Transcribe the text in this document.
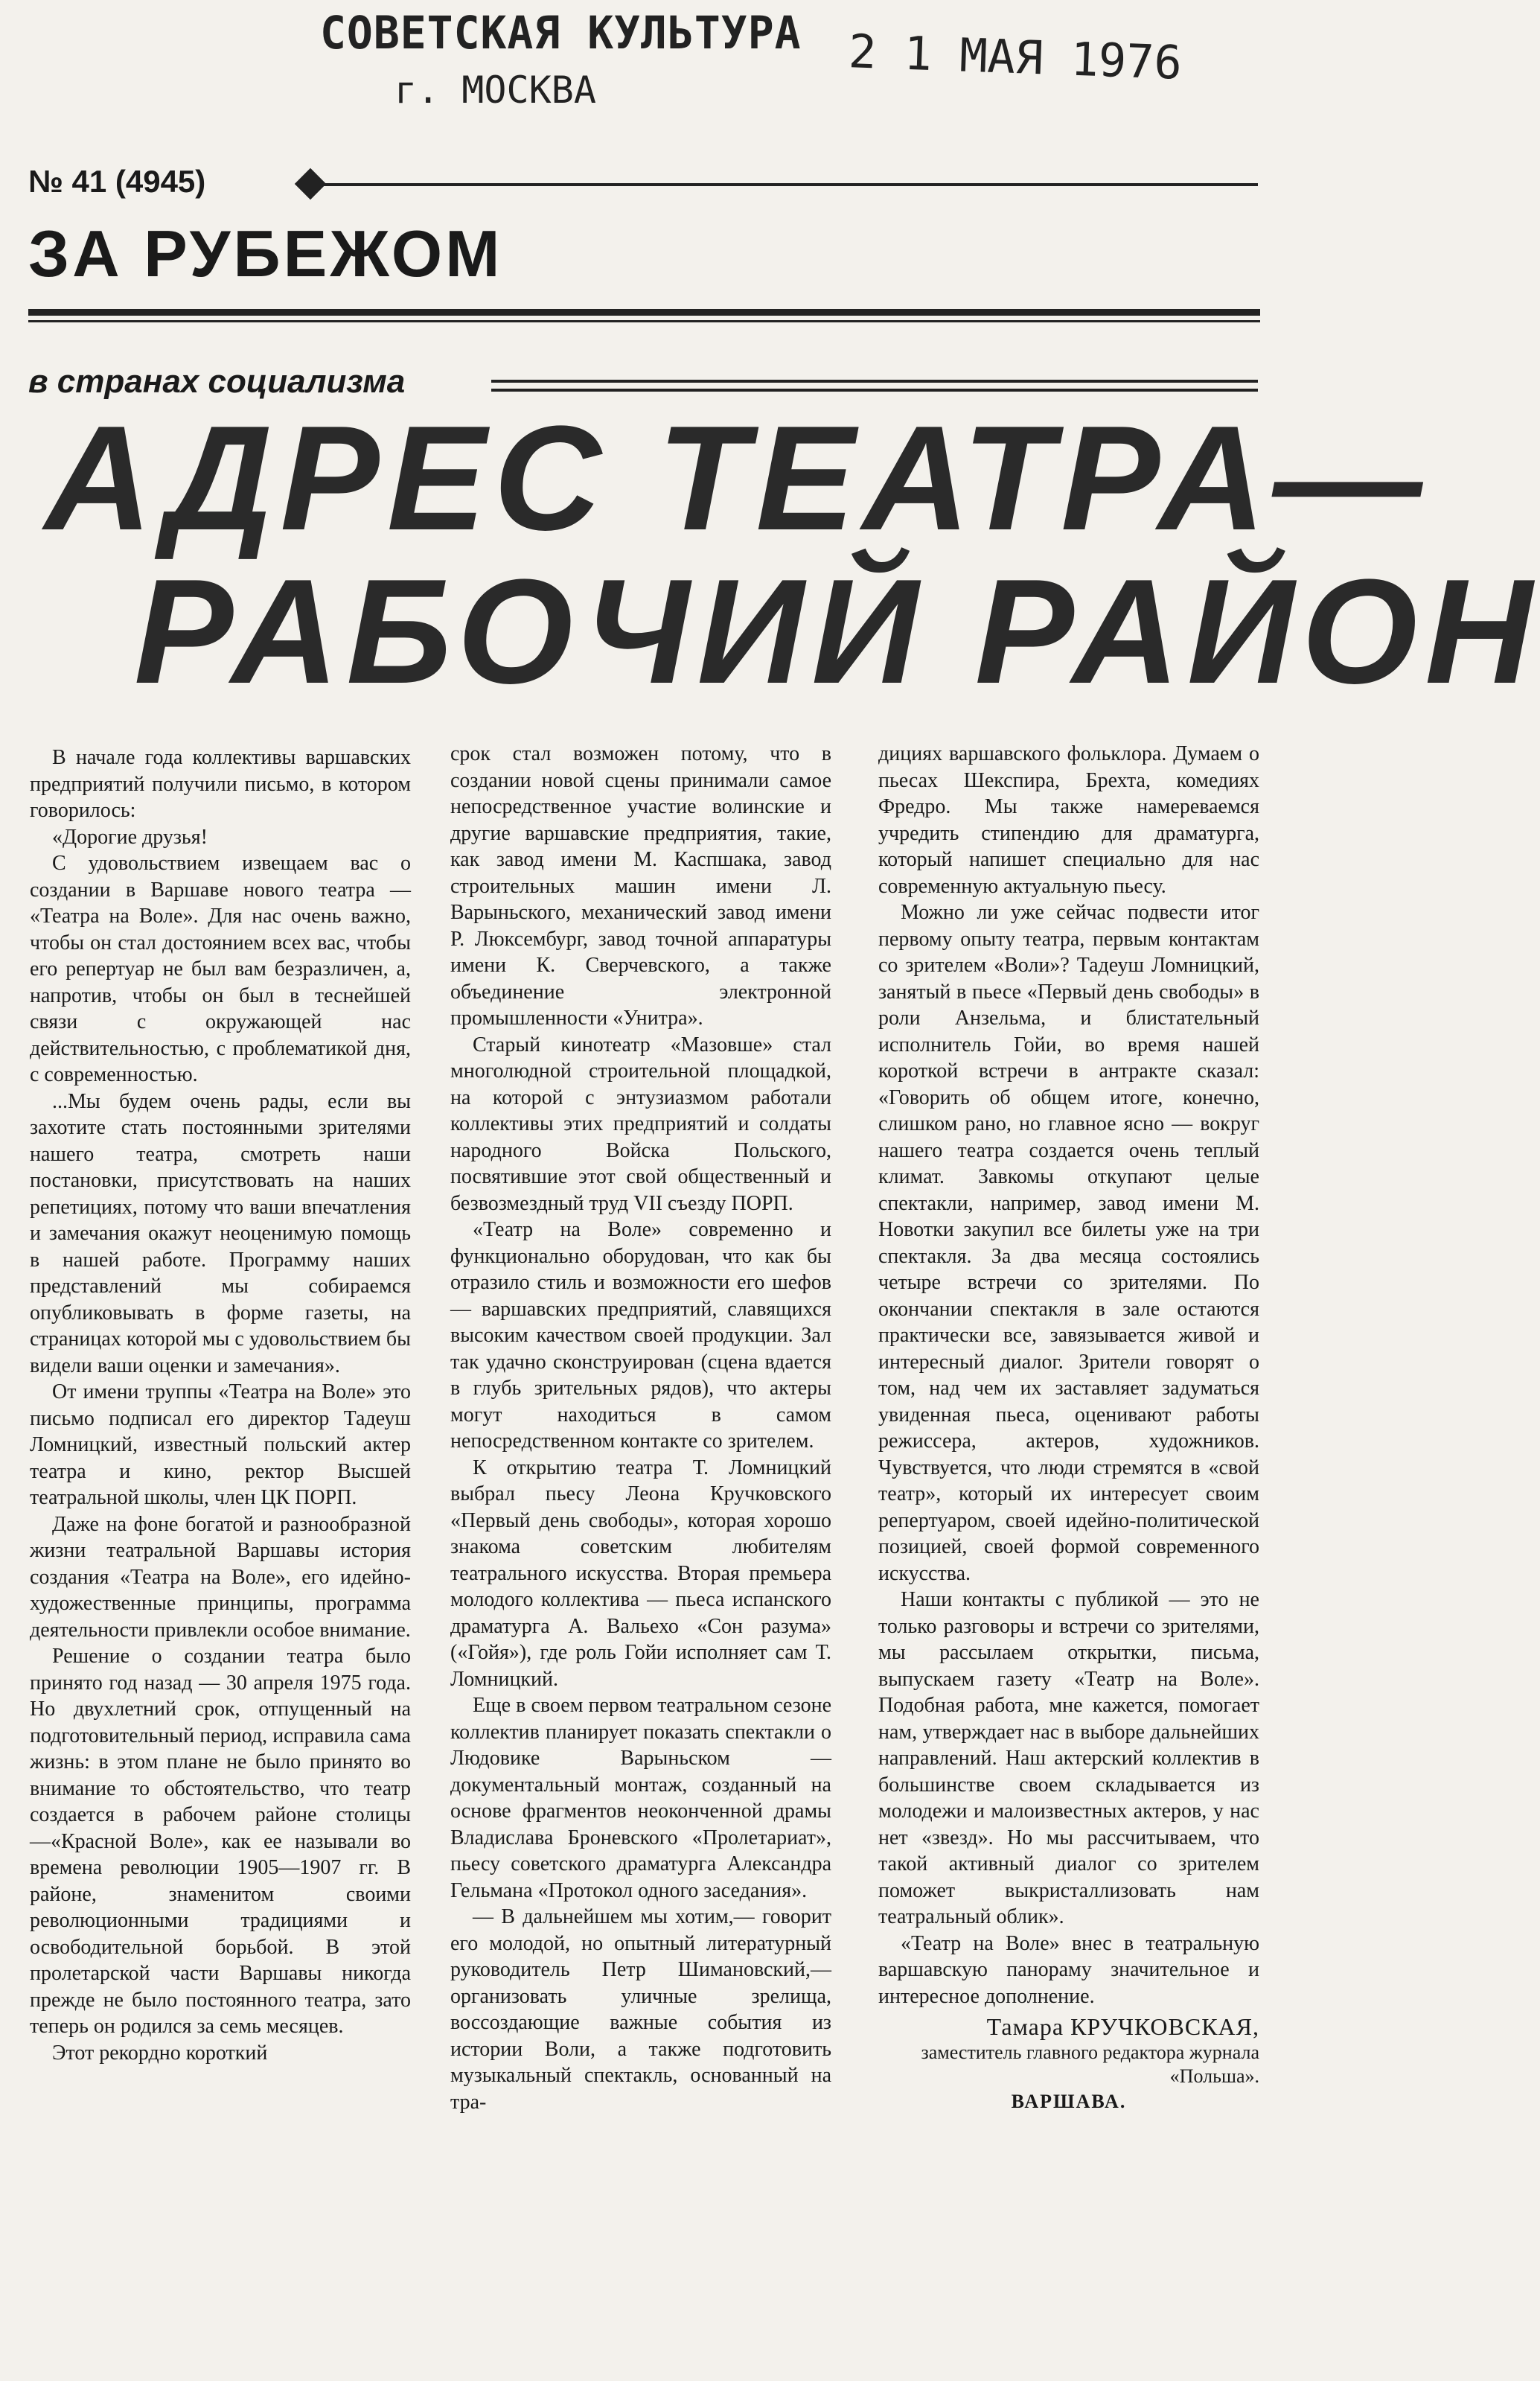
СОВЕТСКАЯ КУЛЬТУРА
г. МОСКВА
2 1 МАЯ 1976
№ 41 (4945)
ЗА РУБЕЖОМ
в странах социализма
АДРЕС ТЕАТРА—
РАБОЧИЙ РАЙОН

В начале года коллективы варшавских предприятий получили письмо, в котором говорилось:

«Дорогие друзья!

С удовольствием извещаем вас о создании в Варшаве нового театра — «Театра на Воле». Для нас очень важно, чтобы он стал достоянием всех вас, чтобы его репертуар не был вам безразличен, а, напротив, чтобы он был в теснейшей связи с окружающей нас действительностью, с проблематикой дня, с современностью.

...Мы будем очень рады, если вы захотите стать постоянными зрителями нашего театра, смотреть наши постановки, присутствовать на наших репетициях, потому что ваши впечатления и замечания окажут неоценимую помощь в нашей работе. Программу наших представлений мы собираемся опубликовывать в форме газеты, на страницах которой мы с удовольствием бы видели ваши оценки и замечания».

От имени труппы «Театра на Воле» это письмо подписал его директор Тадеуш Ломницкий, известный польский актер театра и кино, ректор Высшей театральной школы, член ЦК ПОРП.

Даже на фоне богатой и разнообразной жизни театральной Варшавы история создания «Театра на Воле», его идейно-художественные принципы, программа деятельности привлекли особое внимание.

Решение о создании театра было принято год назад — 30 апреля 1975 года. Но двухлетний срок, отпущенный на подготовительный период, исправила сама жизнь: в этом плане не было принято во внимание то обстоятельство, что театр создается в рабочем районе столицы—«Красной Воле», как ее называли во времена революции 1905—1907 гг. В районе, знаменитом своими революционными традициями и освободительной борьбой. В этой пролетарской части Варшавы никогда прежде не было постоянного театра, зато теперь он родился за семь месяцев.

Этот рекордно короткий

срок стал возможен потому, что в создании новой сцены принимали самое непосредственное участие волинские и другие варшавские предприятия, такие, как завод имени М. Каспшака, завод строительных машин имени Л. Варыньского, механический завод имени Р. Люксембург, завод точной аппаратуры имени К. Сверчевского, а также объединение электронной промышленности «Унитра».

Старый кинотеатр «Мазовше» стал многолюдной строительной площадкой, на которой с энтузиазмом работали коллективы этих предприятий и солдаты народного Войска Польского, посвятившие этот свой общественный и безвозмездный труд VII съезду ПОРП.

«Театр на Воле» современно и функционально оборудован, что как бы отразило стиль и возможности его шефов — варшавских предприятий, славящихся высоким качеством своей продукции. Зал так удачно сконструирован (сцена вдается в глубь зрительных рядов), что актеры могут находиться в самом непосредственном контакте со зрителем.

К открытию театра Т. Ломницкий выбрал пьесу Леона Кручковского «Первый день свободы», которая хорошо знакома советским любителям театрального искусства. Вторая премьера молодого коллектива — пьеса испанского драматурга А. Вальехо «Сон разума» («Гойя»), где роль Гойи исполняет сам Т. Ломницкий.

Еще в своем первом театральном сезоне коллектив планирует показать спектакли о Людовике Варыньском — документальный монтаж, созданный на основе фрагментов неоконченной драмы Владислава Броневского «Пролетариат», пьесу советского драматурга Александра Гельмана «Протокол одного заседания».

— В дальнейшем мы хотим,— говорит его молодой, но опытный литературный руководитель Петр Шимановский,— организовать уличные зрелища, воссоздающие важные события из истории Воли, а также подготовить музыкальный спектакль, основанный на тра-

дициях варшавского фольклора. Думаем о пьесах Шекспира, Брехта, комедиях Фредро. Мы также намереваемся учредить стипендию для драматурга, который напишет специально для нас современную актуальную пьесу.

Можно ли уже сейчас подвести итог первому опыту театра, первым контактам со зрителем «Воли»? Тадеуш Ломницкий, занятый в пьесе «Первый день свободы» в роли Анзельма, и блистательный исполнитель Гойи, во время нашей короткой встречи в антракте сказал: «Говорить об общем итоге, конечно, слишком рано, но главное ясно — вокруг нашего театра создается очень теплый климат. Завкомы откупают целые спектакли, например, завод имени М. Новотки закупил все билеты уже на три спектакля. За два месяца состоялись четыре встречи со зрителями. По окончании спектакля в зале остаются практически все, завязывается живой и интересный диалог. Зрители говорят о том, над чем их заставляет задуматься увиденная пьеса, оценивают работы режиссера, актеров, художников. Чувствуется, что люди стремятся в «свой театр», который их интересует своим репертуаром, своей идейно-политической позицией, своей формой современного искусства.

Наши контакты с публикой — это не только разговоры и встречи со зрителями, мы рассылаем открытки, письма, выпускаем газету «Театр на Воле». Подобная работа, мне кажется, помогает нам, утверждает нас в выборе дальнейших направлений. Наш актерский коллектив в большинстве своем складывается из молодежи и малоизвестных актеров, у нас нет «звезд». Но мы рассчитываем, что такой активный диалог со зрителем поможет выкристаллизовать нам театральный облик».

«Театр на Воле» внес в театральную варшавскую панораму значительное и интересное дополнение.

Тамара КРУЧКОВСКАЯ,
заместитель главного редактора журнала «Польша».
ВАРШАВА.
